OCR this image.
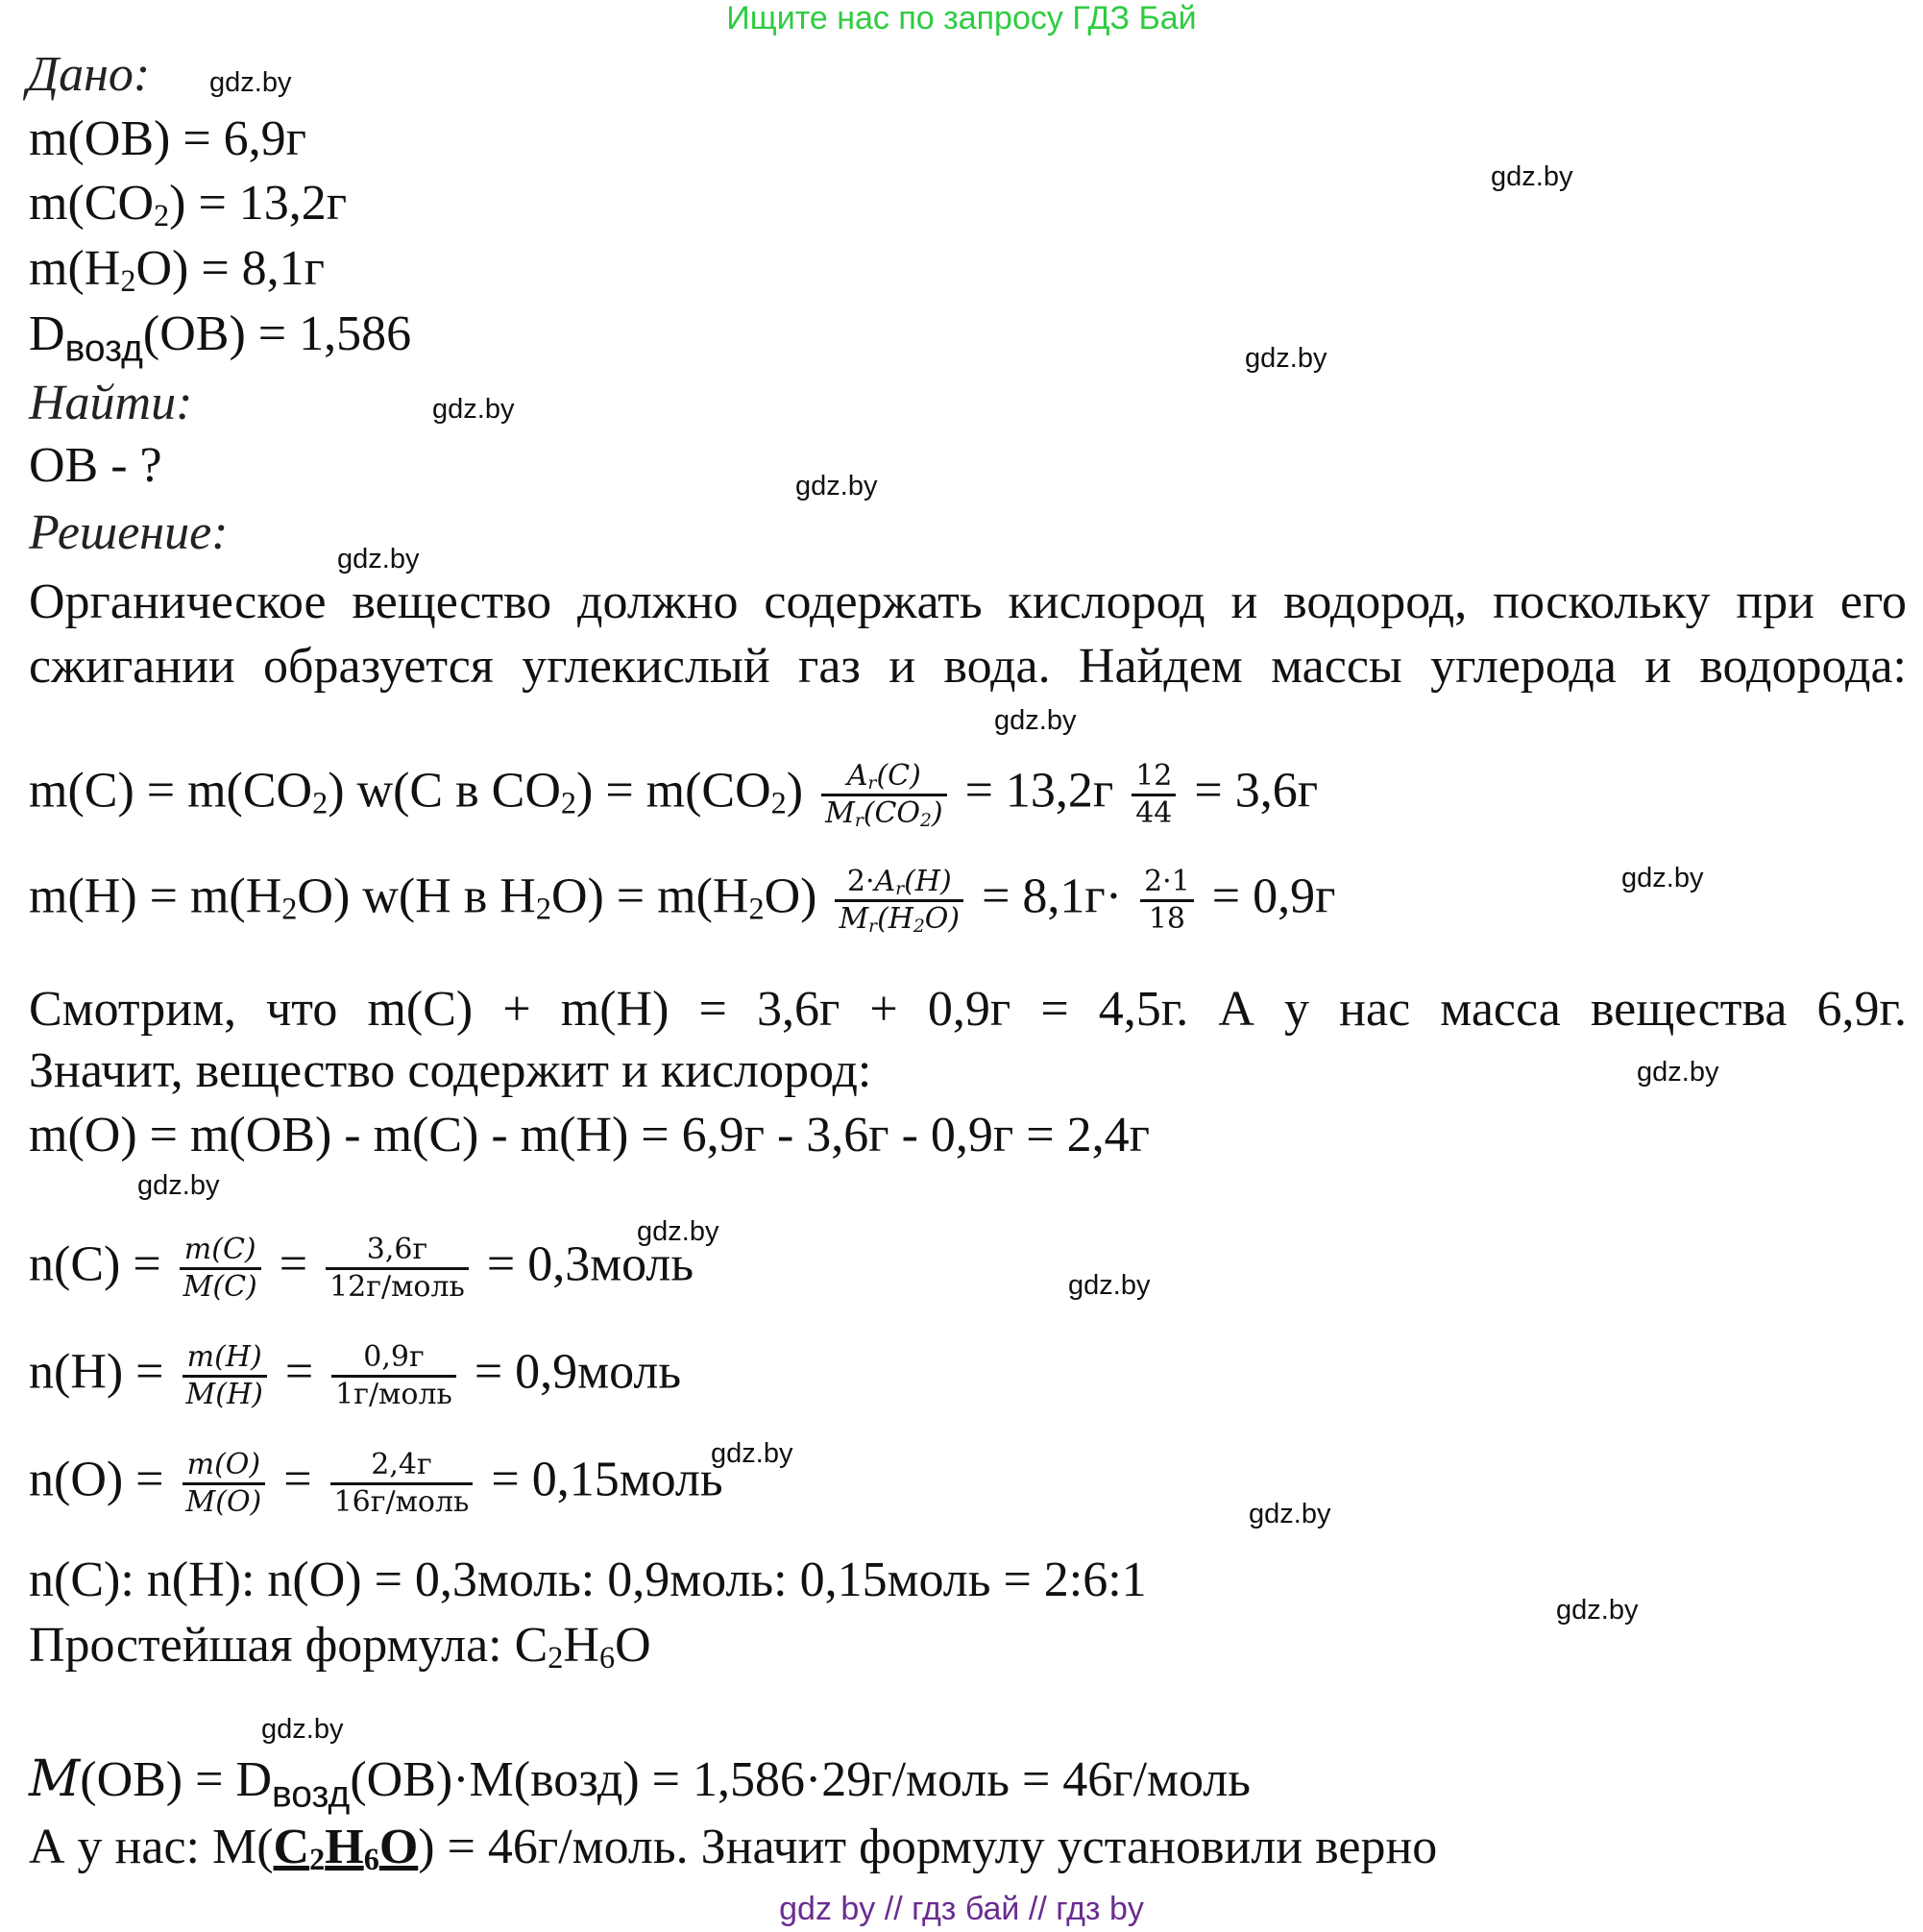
Ищите нас по запросу ГДЗ Бай
gdz.by
gdz.by
gdz.by
gdz.by
gdz.by
gdz.by
gdz.by
gdz.by
gdz.by
gdz.by
gdz.by
gdz.by
gdz.by
gdz.by
gdz.by
gdz.by
Дано:
m(OB) = 6,9г
$m(CO_2) = 13,2г$
$m(H_2O) = 8,1г$
$D_{возд}(OB) = 1,586$
Найти:
OB - ?
Решение:
Органическое вещество должно содержать кислород и водород, поскольку при его сжигании образуется углекислый газ и вода. Найдем массы углерода и водорода:
$m(C) = m(CO_2)$ w(C в $CO_2) = m(CO_2) \frac{A_r(C)}{M_r(CO_2)} = 13,2г \frac{12}{44} = 3,6г$
$m(H) = m(H_2O)$ w(H в $H_2O) = m(H_2O) \frac{2\cdot A_r(H)}{M_r(H_2O)} = 8,1г\cdot \frac{2\cdot 1}{18} = 0,9г$
Смотрим, что m(C) + m(H) = 3,6г + 0,9г = 4,5г. А у нас масса вещества 6,9г.
Значит, вещество содержит и кислород:
m(O) = m(OB) - m(C) - m(H) = 6,9г - 3,6г - 0,9г = 2,4г
$n(C) = \frac{m(C)}{M(C)} = \frac{3,6г}{\text{12г/моль}}$ = 0,3моль
$n(H) = \frac{m(H)}{M(H)} = \frac{0,9г}{\text{1г/моль}}$ = 0,9моль
$n(O) = \frac{m(O)}{M(O)} = \frac{2,4г}{\text{16г/моль}}$ = 0,15моль
n(C): n(H): n(O) = 0,3моль: 0,9моль: 0,15моль = 2:6:1
Простейшая формула: $C_2H_6O$
$M(OB) = D_{возд}(OB)\cdot M(возд)$ = 1,586·29г/моль = 46г/моль
А у нас: $M(C_2H_6O)$ = 46г/моль. Значит формулу установили верно
gdz by // гдз бай // гдз by
